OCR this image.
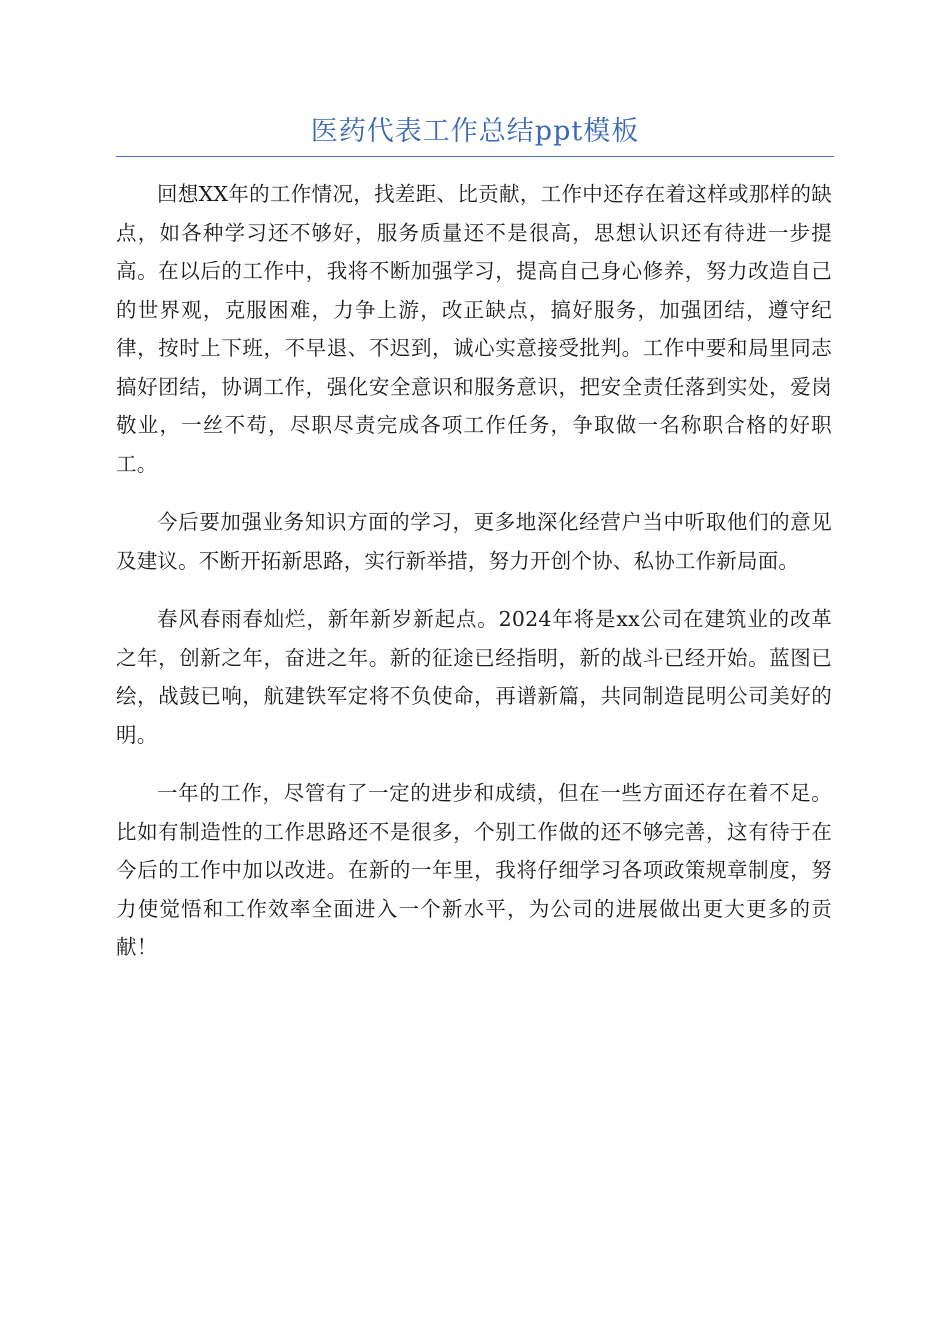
医药代表工作总结ppt模板

回想XX年的工作情况，找差距、比贡献，工作中还存在着这样或那样的缺点，如各种学习还不够好，服务质量还不是很高，思想认识还有待进一步提高。在以后的工作中，我将不断加强学习，提高自己身心修养，努力改造自己的世界观，克服困难，力争上游，改正缺点，搞好服务，加强团结，遵守纪律，按时上下班，不早退、不迟到，诚心实意接受批判。工作中要和局里同志搞好团结，协调工作，强化安全意识和服务意识，把安全责任落到实处，爱岗敬业，一丝不苟，尽职尽责完成各项工作任务，争取做一名称职合格的好职工。

今后要加强业务知识方面的学习，更多地深化经营户当中听取他们的意见及建议。不断开拓新思路，实行新举措，努力开创个协、私协工作新局面。

春风春雨春灿烂，新年新岁新起点。2024年将是xx公司在建筑业的改革之年，创新之年，奋进之年。新的征途已经指明，新的战斗已经开始。蓝图已绘，战鼓已响，航建铁军定将不负使命，再谱新篇，共同制造昆明公司美好的明。

一年的工作，尽管有了一定的进步和成绩，但在一些方面还存在着不足。比如有制造性的工作思路还不是很多，个别工作做的还不够完善，这有待于在今后的工作中加以改进。在新的一年里，我将仔细学习各项政策规章制度，努力使觉悟和工作效率全面进入一个新水平，为公司的进展做出更大更多的贡献！
